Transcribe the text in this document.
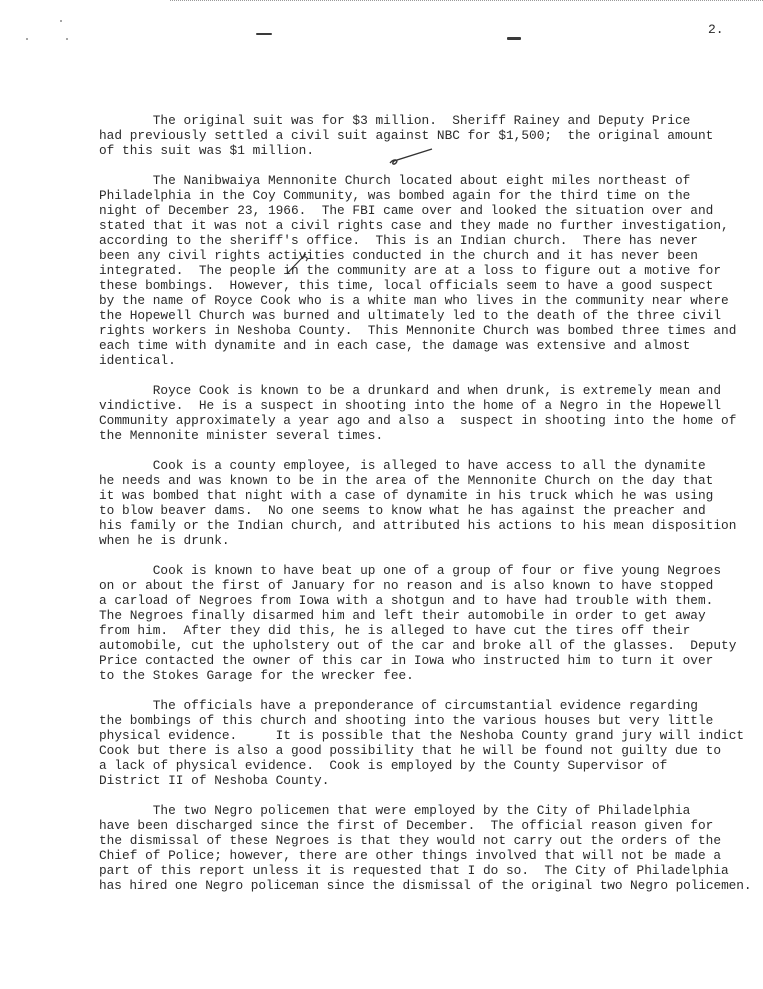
2.
The original suit was for $3 million.  Sheriff Rainey and Deputy Price
had previously settled a civil suit against NBC for $1,500;  the original amount
of this suit was $1 million.
The Nanibwaiya Mennonite Church located about eight miles northeast of
Philadelphia in the Coy Community, was bombed again for the third time on the
night of December 23, 1966.  The FBI came over and looked the situation over and
stated that it was not a civil rights case and they made no further investigation,
according to the sheriff's office.  This is an Indian church.  There has never
been any civil rights activities conducted in the church and it has never been
integrated.  The people in the community are at a loss to figure out a motive for
these bombings.  However, this time, local officials seem to have a good suspect
by the name of Royce Cook who is a white man who lives in the community near where
the Hopewell Church was burned and ultimately led to the death of the three civil
rights workers in Neshoba County.  This Mennonite Church was bombed three times and
each time with dynamite and in each case, the damage was extensive and almost
identical.
Royce Cook is known to be a drunkard and when drunk, is extremely mean and
vindictive.  He is a suspect in shooting into the home of a Negro in the Hopewell
Community approximately a year ago and also a  suspect in shooting into the home of
the Mennonite minister several times.
Cook is a county employee, is alleged to have access to all the dynamite
he needs and was known to be in the area of the Mennonite Church on the day that
it was bombed that night with a case of dynamite in his truck which he was using
to blow beaver dams.  No one seems to know what he has against the preacher and
his family or the Indian church, and attributed his actions to his mean disposition
when he is drunk.
Cook is known to have beat up one of a group of four or five young Negroes
on or about the first of January for no reason and is also known to have stopped
a carload of Negroes from Iowa with a shotgun and to have had trouble with them.
The Negroes finally disarmed him and left their automobile in order to get away
from him.  After they did this, he is alleged to have cut the tires off their
automobile, cut the upholstery out of the car and broke all of the glasses.  Deputy
Price contacted the owner of this car in Iowa who instructed him to turn it over
to the Stokes Garage for the wrecker fee.
The officials have a preponderance of circumstantial evidence regarding
the bombings of this church and shooting into the various houses but very little
physical evidence.     It is possible that the Neshoba County grand jury will indict
Cook but there is also a good possibility that he will be found not guilty due to
a lack of physical evidence.  Cook is employed by the County Supervisor of
District II of Neshoba County.
The two Negro policemen that were employed by the City of Philadelphia
have been discharged since the first of December.  The official reason given for
the dismissal of these Negroes is that they would not carry out the orders of the
Chief of Police; however, there are other things involved that will not be made a
part of this report unless it is requested that I do so.  The City of Philadelphia
has hired one Negro policeman since the dismissal of the original two Negro policemen.
